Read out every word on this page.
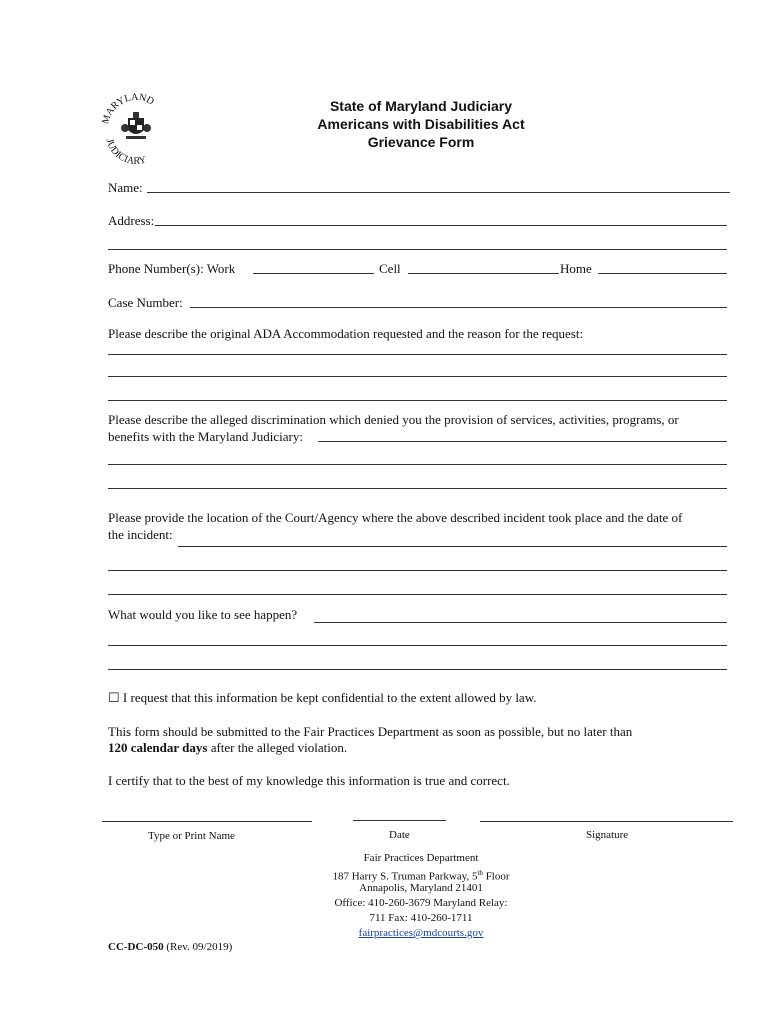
MARYLAND
JUDICIARY
State of Maryland Judiciary
Americans with Disabilities Act
Grievance Form
Name:
Address:
Phone Number(s): Work	Cell	Home
Case Number:
Please describe the original ADA Accommodation requested and the reason for the request:
Please describe the alleged discrimination which denied you the provision of services, activities, programs, or
benefits with the Maryland Judiciary:
Please provide the location of the Court/Agency where the above described incident took place and the date of
the incident:
What would you like to see happen?
☐ I request that this information be kept confidential to the extent allowed by law.
This form should be submitted to the Fair Practices Department as soon as possible, but no later than
120 calendar days after the alleged violation.
I certify that to the best of my knowledge this information is true and correct.
Type or Print Name	Date	Signature
Fair Practices Department
187 Harry S. Truman Parkway, 5th Floor
Annapolis, Maryland 21401
Office: 410-260-3679 Maryland Relay:
711 Fax: 410-260-1711
fairpractices@mdcourts.gov
CC-DC-050 (Rev. 09/2019)
